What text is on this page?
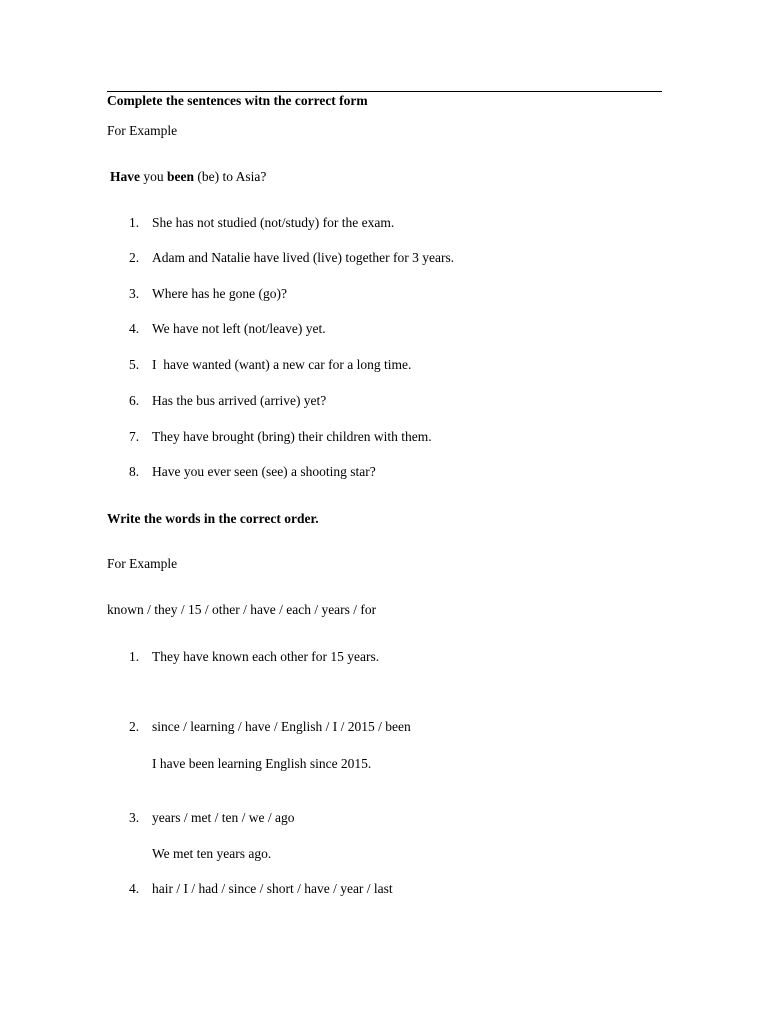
Complete the sentences witn the correct form
For Example
Have you been (be) to Asia?
1. She has not studied (not/study) for the exam.
2. Adam and Natalie have lived (live) together for 3 years.
3. Where has he gone (go)?
4. We have not left (not/leave) yet.
5. I  have wanted (want) a new car for a long time.
6. Has the bus arrived (arrive) yet?
7. They have brought (bring) their children with them.
8. Have you ever seen (see) a shooting star?
Write the words in the correct order.
For Example
known / they / 15 / other / have / each / years / for
1. They have known each other for 15 years.
2. since / learning / have / English / I / 2015 / been
I have been learning English since 2015.
3. years / met / ten / we / ago
We met ten years ago.
4. hair / I / had / since / short / have / year / last
